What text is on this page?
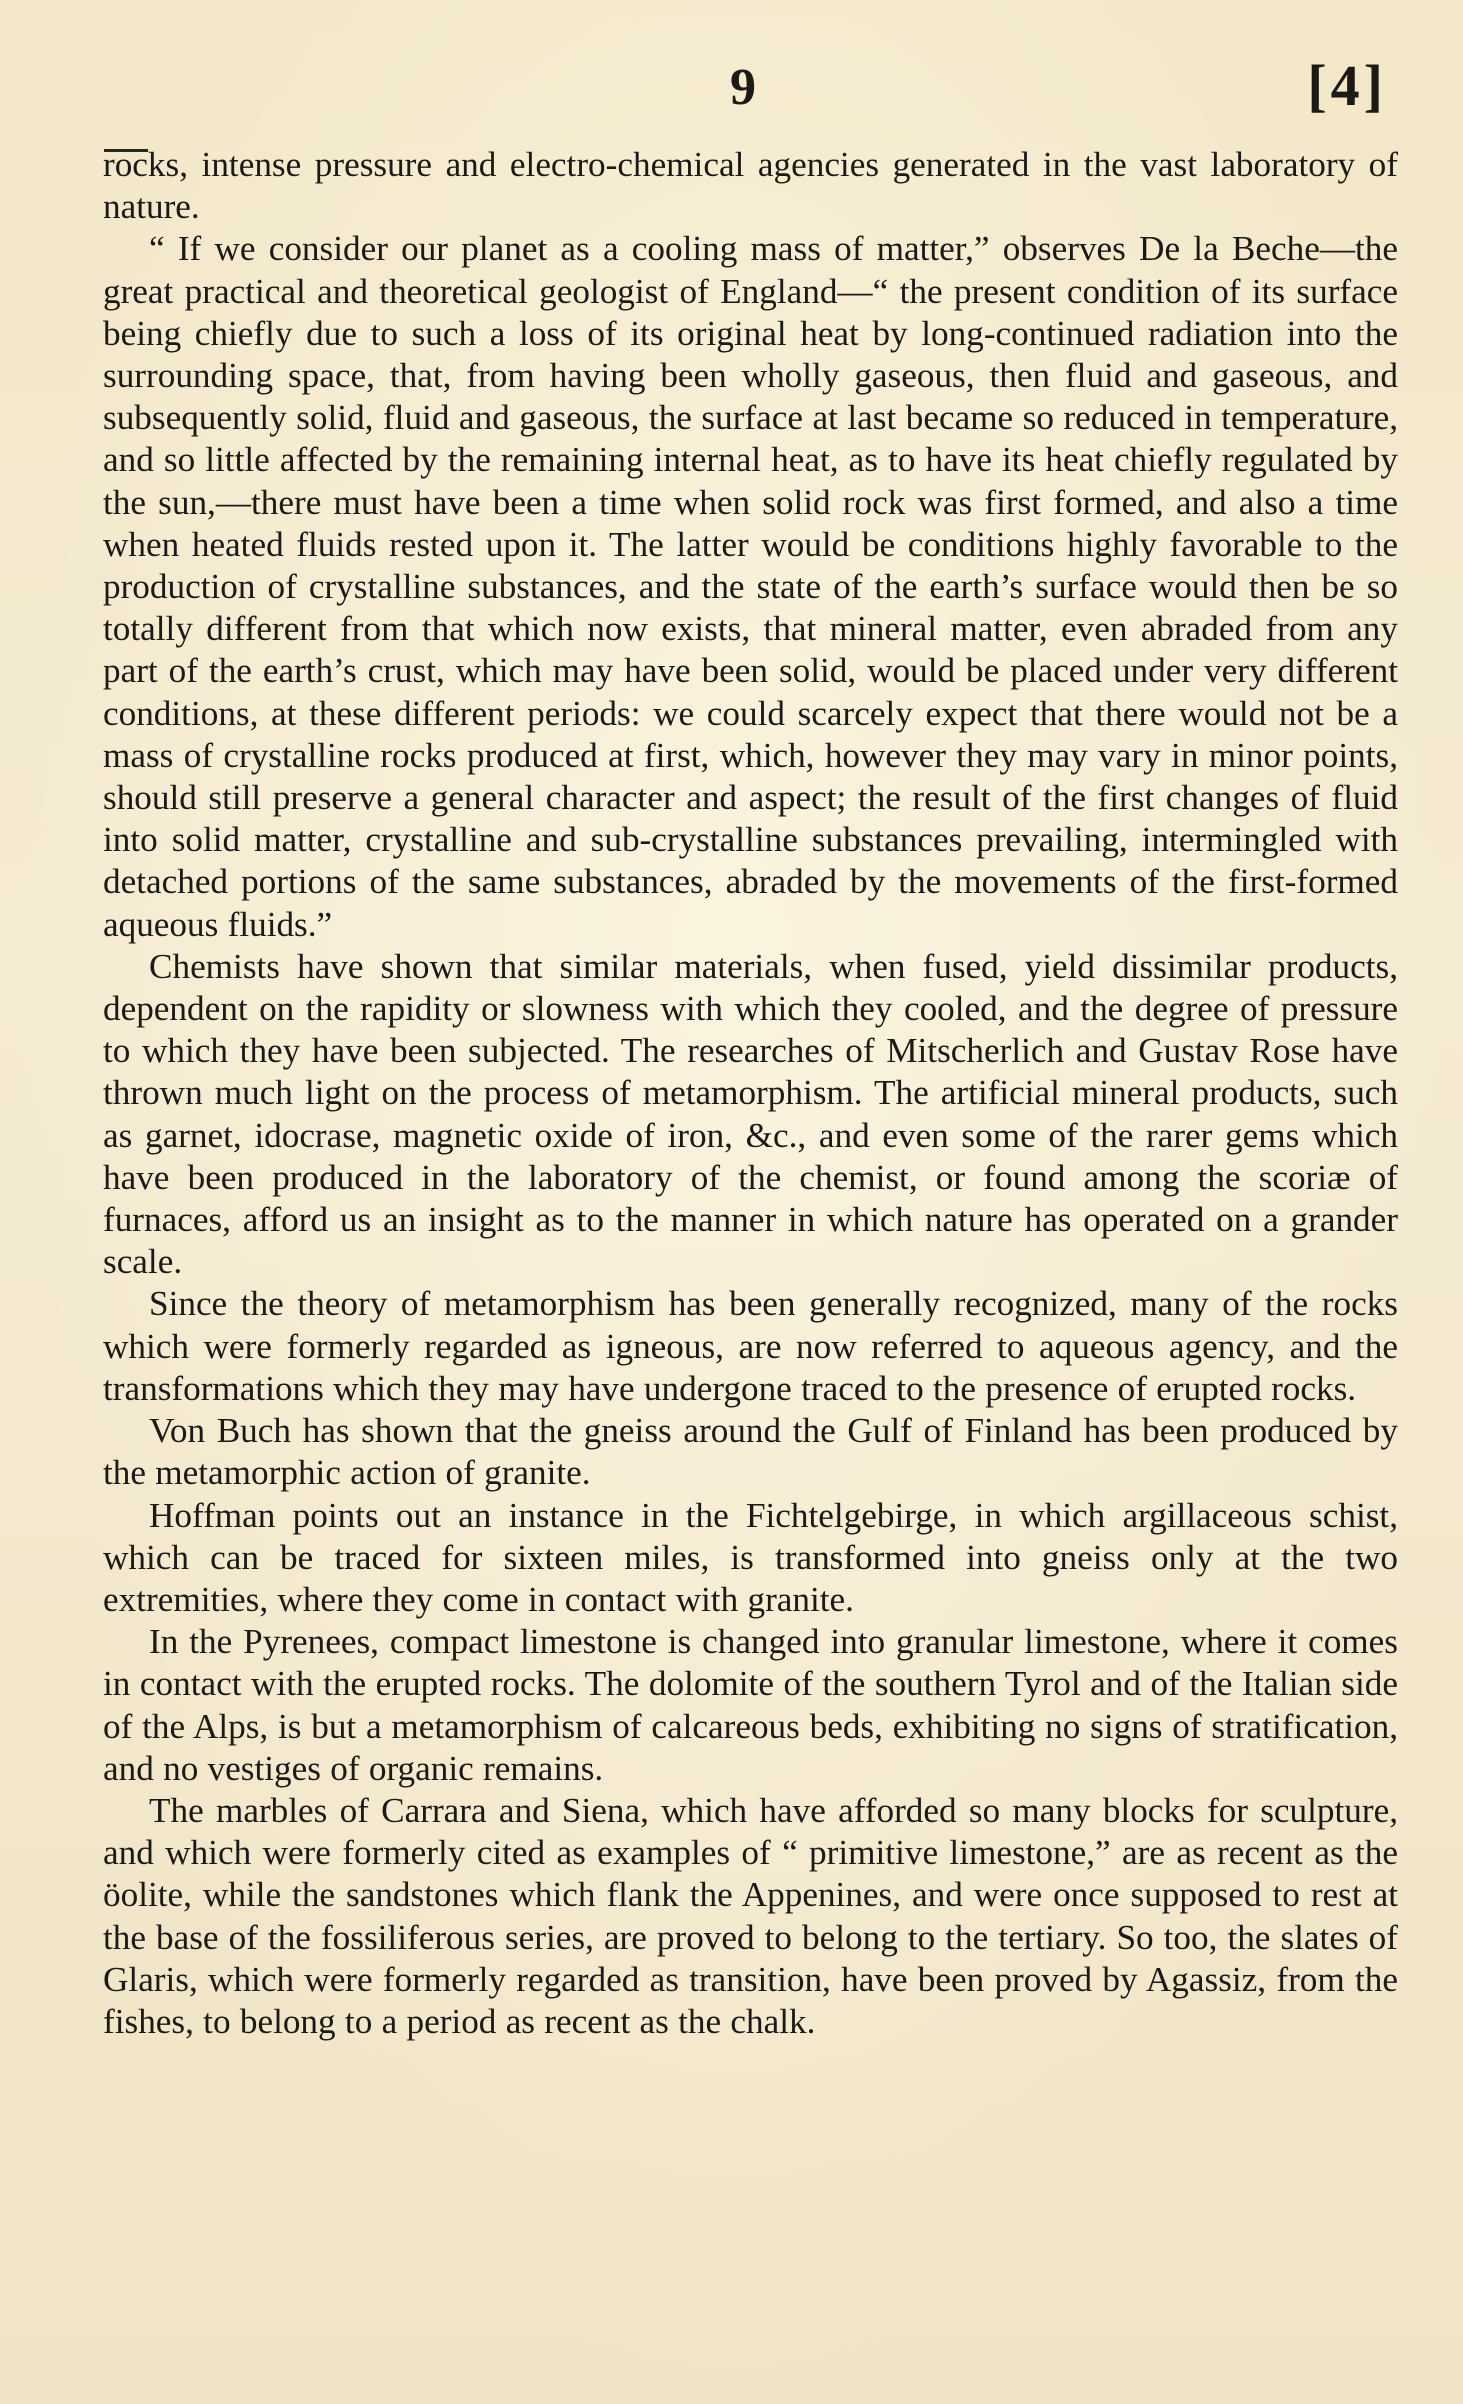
9	[4]

rocks, intense pressure and electro-chemical agencies generated in the vast laboratory of nature.

“ If we consider our planet as a cooling mass of matter,” observes De la Beche—the great practical and theoretical geologist of England—“ the present condition of its surface being chiefly due to such a loss of its original heat by long-continued radiation into the surrounding space, that, from having been wholly gaseous, then fluid and gaseous, and subsequently solid, fluid and gaseous, the surface at last became so reduced in temperature, and so little affected by the remaining internal heat, as to have its heat chiefly regulated by the sun,—there must have been a time when solid rock was first formed, and also a time when heated fluids rested upon it. The latter would be conditions highly favorable to the production of crystalline substances, and the state of the earth’s surface would then be so totally different from that which now exists, that mineral matter, even abraded from any part of the earth’s crust, which may have been solid, would be placed under very different conditions, at these different periods: we could scarcely expect that there would not be a mass of crystalline rocks produced at first, which, however they may vary in minor points, should still preserve a general character and aspect; the result of the first changes of fluid into solid matter, crystalline and sub-crystalline substances prevailing, intermingled with detached portions of the same substances, abraded by the movements of the first-formed aqueous fluids.”

Chemists have shown that similar materials, when fused, yield dissimilar products, dependent on the rapidity or slowness with which they cooled, and the degree of pressure to which they have been subjected. The researches of Mitscherlich and Gustav Rose have thrown much light on the process of metamorphism. The artificial mineral products, such as garnet, idocrase, magnetic oxide of iron, &c., and even some of the rarer gems which have been produced in the laboratory of the chemist, or found among the scoriæ of furnaces, afford us an insight as to the manner in which nature has operated on a grander scale.

Since the theory of metamorphism has been generally recognized, many of the rocks which were formerly regarded as igneous, are now referred to aqueous agency, and the transformations which they may have undergone traced to the presence of erupted rocks.

Von Buch has shown that the gneiss around the Gulf of Finland has been produced by the metamorphic action of granite.

Hoffman points out an instance in the Fichtelgebirge, in which argillaceous schist, which can be traced for sixteen miles, is transformed into gneiss only at the two extremities, where they come in contact with granite.

In the Pyrenees, compact limestone is changed into granular limestone, where it comes in contact with the erupted rocks. The dolomite of the southern Tyrol and of the Italian side of the Alps, is but a metamorphism of calcareous beds, exhibiting no signs of stratification, and no vestiges of organic remains.

The marbles of Carrara and Siena, which have afforded so many blocks for sculpture, and which were formerly cited as examples of “ primitive limestone,” are as recent as the öolite, while the sandstones which flank the Appenines, and were once supposed to rest at the base of the fossiliferous series, are proved to belong to the tertiary. So too, the slates of Glaris, which were formerly regarded as transition, have been proved by Agassiz, from the fishes, to belong to a period as recent as the chalk.
